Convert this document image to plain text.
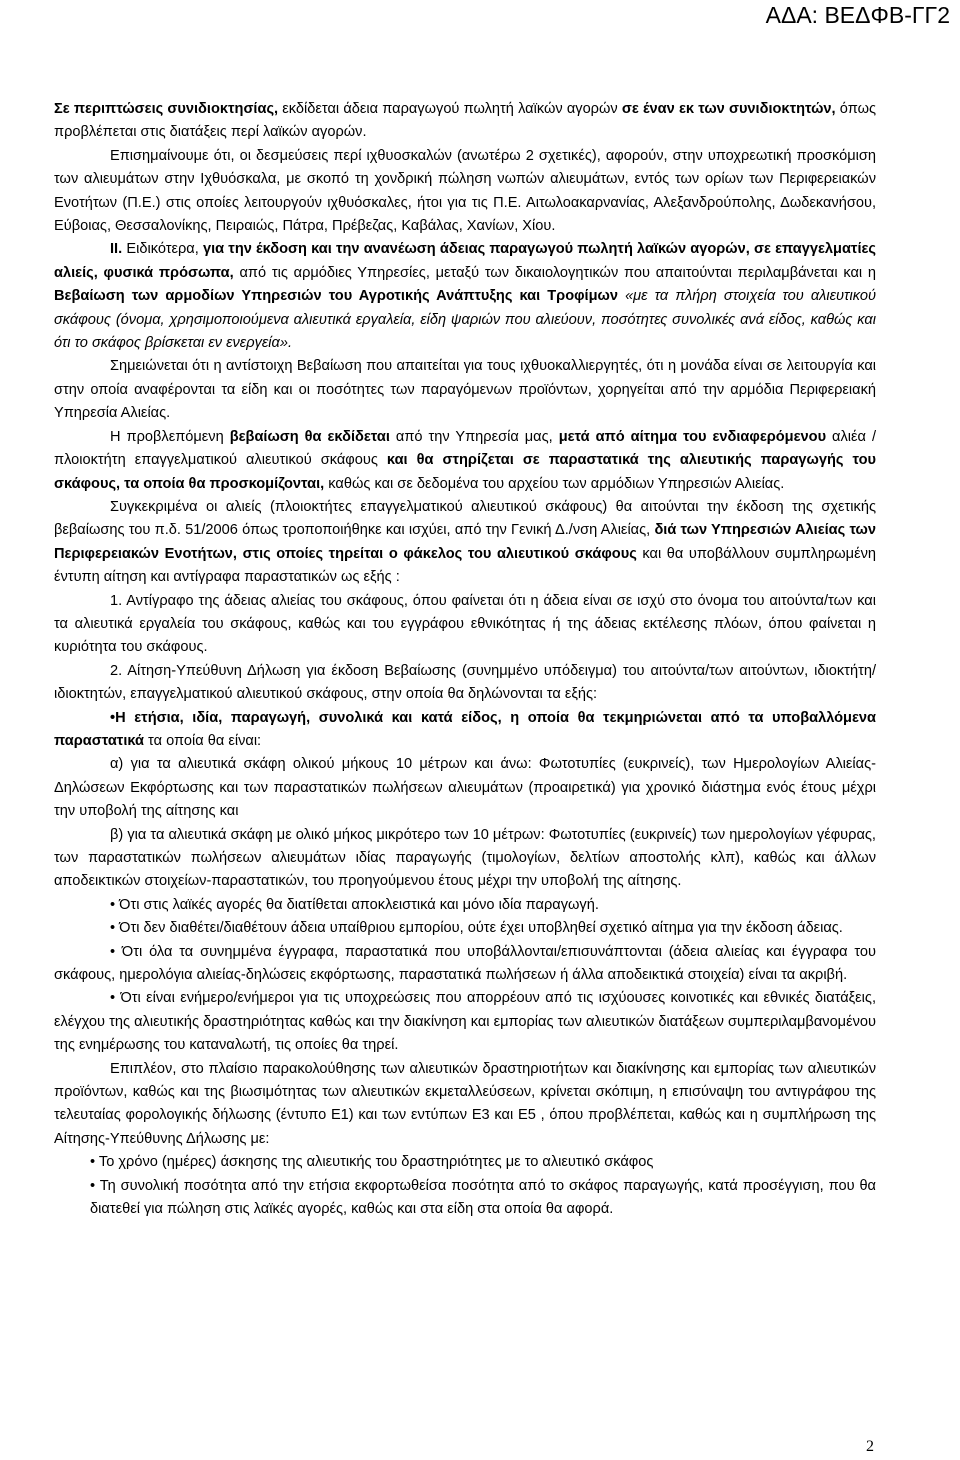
ΑΔΑ: ΒΕΔΦΒ-ΓΓ2

Σε περιπτώσεις συνιδιοκτησίας, εκδίδεται άδεια παραγωγού πωλητή λαϊκών αγορών σε έναν εκ των συνιδιοκτητών, όπως προβλέπεται στις διατάξεις περί λαϊκών αγορών.

Επισημαίνουμε ότι, οι δεσμεύσεις περί ιχθυοσκαλών (ανωτέρω 2 σχετικές), αφορούν, στην υποχρεωτική προσκόμιση των αλιευμάτων στην Ιχθυόσκαλα, με σκοπό τη χονδρική πώληση νωπών αλιευμάτων, εντός των ορίων των Περιφερειακών Ενοτήτων (Π.Ε.) στις οποίες λειτουργούν ιχθυόσκαλες, ήτοι για τις Π.Ε. Αιτωλοακαρνανίας, Αλεξανδρούπολης, Δωδεκανήσου, Εύβοιας, Θεσσαλονίκης, Πειραιώς, Πάτρα, Πρέβεζας, Καβάλας, Χανίων, Χίου.

ΙΙ. Ειδικότερα, για την έκδοση και την ανανέωση άδειας παραγωγού πωλητή λαϊκών αγορών, σε επαγγελματίες αλιείς, φυσικά πρόσωπα, από τις αρμόδιες Υπηρεσίες, μεταξύ των δικαιολογητικών που απαιτούνται περιλαμβάνεται και η Βεβαίωση των αρμοδίων Υπηρεσιών του Αγροτικής Ανάπτυξης και Τροφίμων «με τα πλήρη στοιχεία του αλιευτικού σκάφους (όνομα, χρησιμοποιούμενα αλιευτικά εργαλεία, είδη ψαριών που αλιεύουν, ποσότητες συνολικές ανά είδος, καθώς και ότι το σκάφος βρίσκεται εν ενεργεία».

Σημειώνεται ότι η αντίστοιχη Βεβαίωση που απαιτείται για τους ιχθυοκαλλιεργητές, ότι η μονάδα είναι σε λειτουργία και στην οποία αναφέρονται τα είδη και οι ποσότητες των παραγόμενων προϊόντων, χορηγείται από την αρμόδια Περιφερειακή Υπηρεσία Αλιείας.

Η προβλεπόμενη βεβαίωση θα εκδίδεται από την Υπηρεσία μας, μετά από αίτημα του ενδιαφερόμενου αλιέα /πλοιοκτήτη επαγγελματικού αλιευτικού σκάφους και θα στηρίζεται σε παραστατικά της αλιευτικής παραγωγής του σκάφους, τα οποία θα προσκομίζονται, καθώς και σε δεδομένα του αρχείου των αρμόδιων Υπηρεσιών Αλιείας.

Συγκεκριμένα οι αλιείς (πλοιοκτήτες επαγγελματικού αλιευτικού σκάφους) θα αιτούνται την έκδοση της σχετικής βεβαίωσης του π.δ. 51/2006 όπως τροποποιήθηκε και ισχύει, από την Γενική Δ./νση Αλιείας, διά των Υπηρεσιών Αλιείας των Περιφερειακών Ενοτήτων, στις οποίες τηρείται ο φάκελος του αλιευτικού σκάφους και θα υποβάλλουν συμπληρωμένη έντυπη αίτηση και αντίγραφα παραστατικών ως εξής :

1. Αντίγραφο της άδειας αλιείας του σκάφους, όπου φαίνεται ότι η άδεια είναι σε ισχύ στο όνομα του αιτούντα/των και τα αλιευτικά εργαλεία του σκάφους, καθώς και του εγγράφου εθνικότητας ή της άδειας εκτέλεσης πλόων, όπου φαίνεται η κυριότητα του σκάφους.

2. Αίτηση-Υπεύθυνη Δήλωση για έκδοση Βεβαίωσης (συνημμένο υπόδειγμα) του αιτούντα/των αιτούντων, ιδιοκτήτη/ιδιοκτητών, επαγγελματικού αλιευτικού σκάφους, στην οποία θα δηλώνονται τα εξής:

•Η ετήσια, ιδία, παραγωγή, συνολικά και κατά είδος, η οποία θα τεκμηριώνεται από τα υποβαλλόμενα παραστατικά τα οποία θα είναι:

α) για τα αλιευτικά σκάφη ολικού μήκους 10 μέτρων και άνω: Φωτοτυπίες (ευκρινείς), των Ημερολογίων Αλιείας-Δηλώσεων Εκφόρτωσης και των παραστατικών πωλήσεων αλιευμάτων (προαιρετικά) για χρονικό διάστημα ενός έτους μέχρι την υποβολή της αίτησης και

β) για τα αλιευτικά σκάφη με ολικό μήκος μικρότερο των 10 μέτρων: Φωτοτυπίες (ευκρινείς) των ημερολογίων γέφυρας, των παραστατικών πωλήσεων αλιευμάτων ιδίας παραγωγής (τιμολογίων, δελτίων αποστολής κλπ), καθώς και άλλων αποδεικτικών στοιχείων-παραστατικών, του προηγούμενου έτους μέχρι την υποβολή της αίτησης.

• Ότι στις λαϊκές αγορές θα διατίθεται αποκλειστικά και μόνο ιδία παραγωγή.

• Ότι δεν διαθέτει/διαθέτουν άδεια υπαίθριου εμπορίου, ούτε έχει υποβληθεί σχετικό αίτημα για την έκδοση άδειας.

• Ότι όλα τα συνημμένα έγγραφα, παραστατικά που υποβάλλονται/επισυνάπτονται (άδεια αλιείας και έγγραφα του σκάφους, ημερολόγια αλιείας-δηλώσεις εκφόρτωσης, παραστατικά πωλήσεων ή άλλα αποδεικτικά στοιχεία) είναι τα ακριβή.

• Ότι είναι ενήμερο/ενήμεροι για τις υποχρεώσεις που απορρέουν από τις ισχύουσες κοινοτικές και εθνικές διατάξεις, ελέγχου της αλιευτικής δραστηριότητας καθώς και την διακίνηση και εμπορίας των αλιευτικών διατάξεων συμπεριλαμβανομένου της ενημέρωσης του καταναλωτή, τις οποίες θα τηρεί.

Επιπλέον, στο πλαίσιο παρακολούθησης των αλιευτικών δραστηριοτήτων και διακίνησης και εμπορίας των αλιευτικών προϊόντων, καθώς και της βιωσιμότητας των αλιευτικών εκμεταλλεύσεων, κρίνεται σκόπιμη, η επισύναψη του αντιγράφου της τελευταίας φορολογικής δήλωσης (έντυπο Ε1) και των εντύπων Ε3 και Ε5 , όπου προβλέπεται, καθώς και η συμπλήρωση της Αίτησης-Υπεύθυνης Δήλωσης με:

• Το χρόνο (ημέρες) άσκησης της αλιευτικής του δραστηριότητες με το αλιευτικό σκάφος

• Τη συνολική ποσότητα από την ετήσια εκφορτωθείσα ποσότητα από το σκάφος παραγωγής, κατά προσέγγιση, που θα διατεθεί για πώληση στις λαϊκές αγορές, καθώς και στα είδη στα οποία θα αφορά.

2
